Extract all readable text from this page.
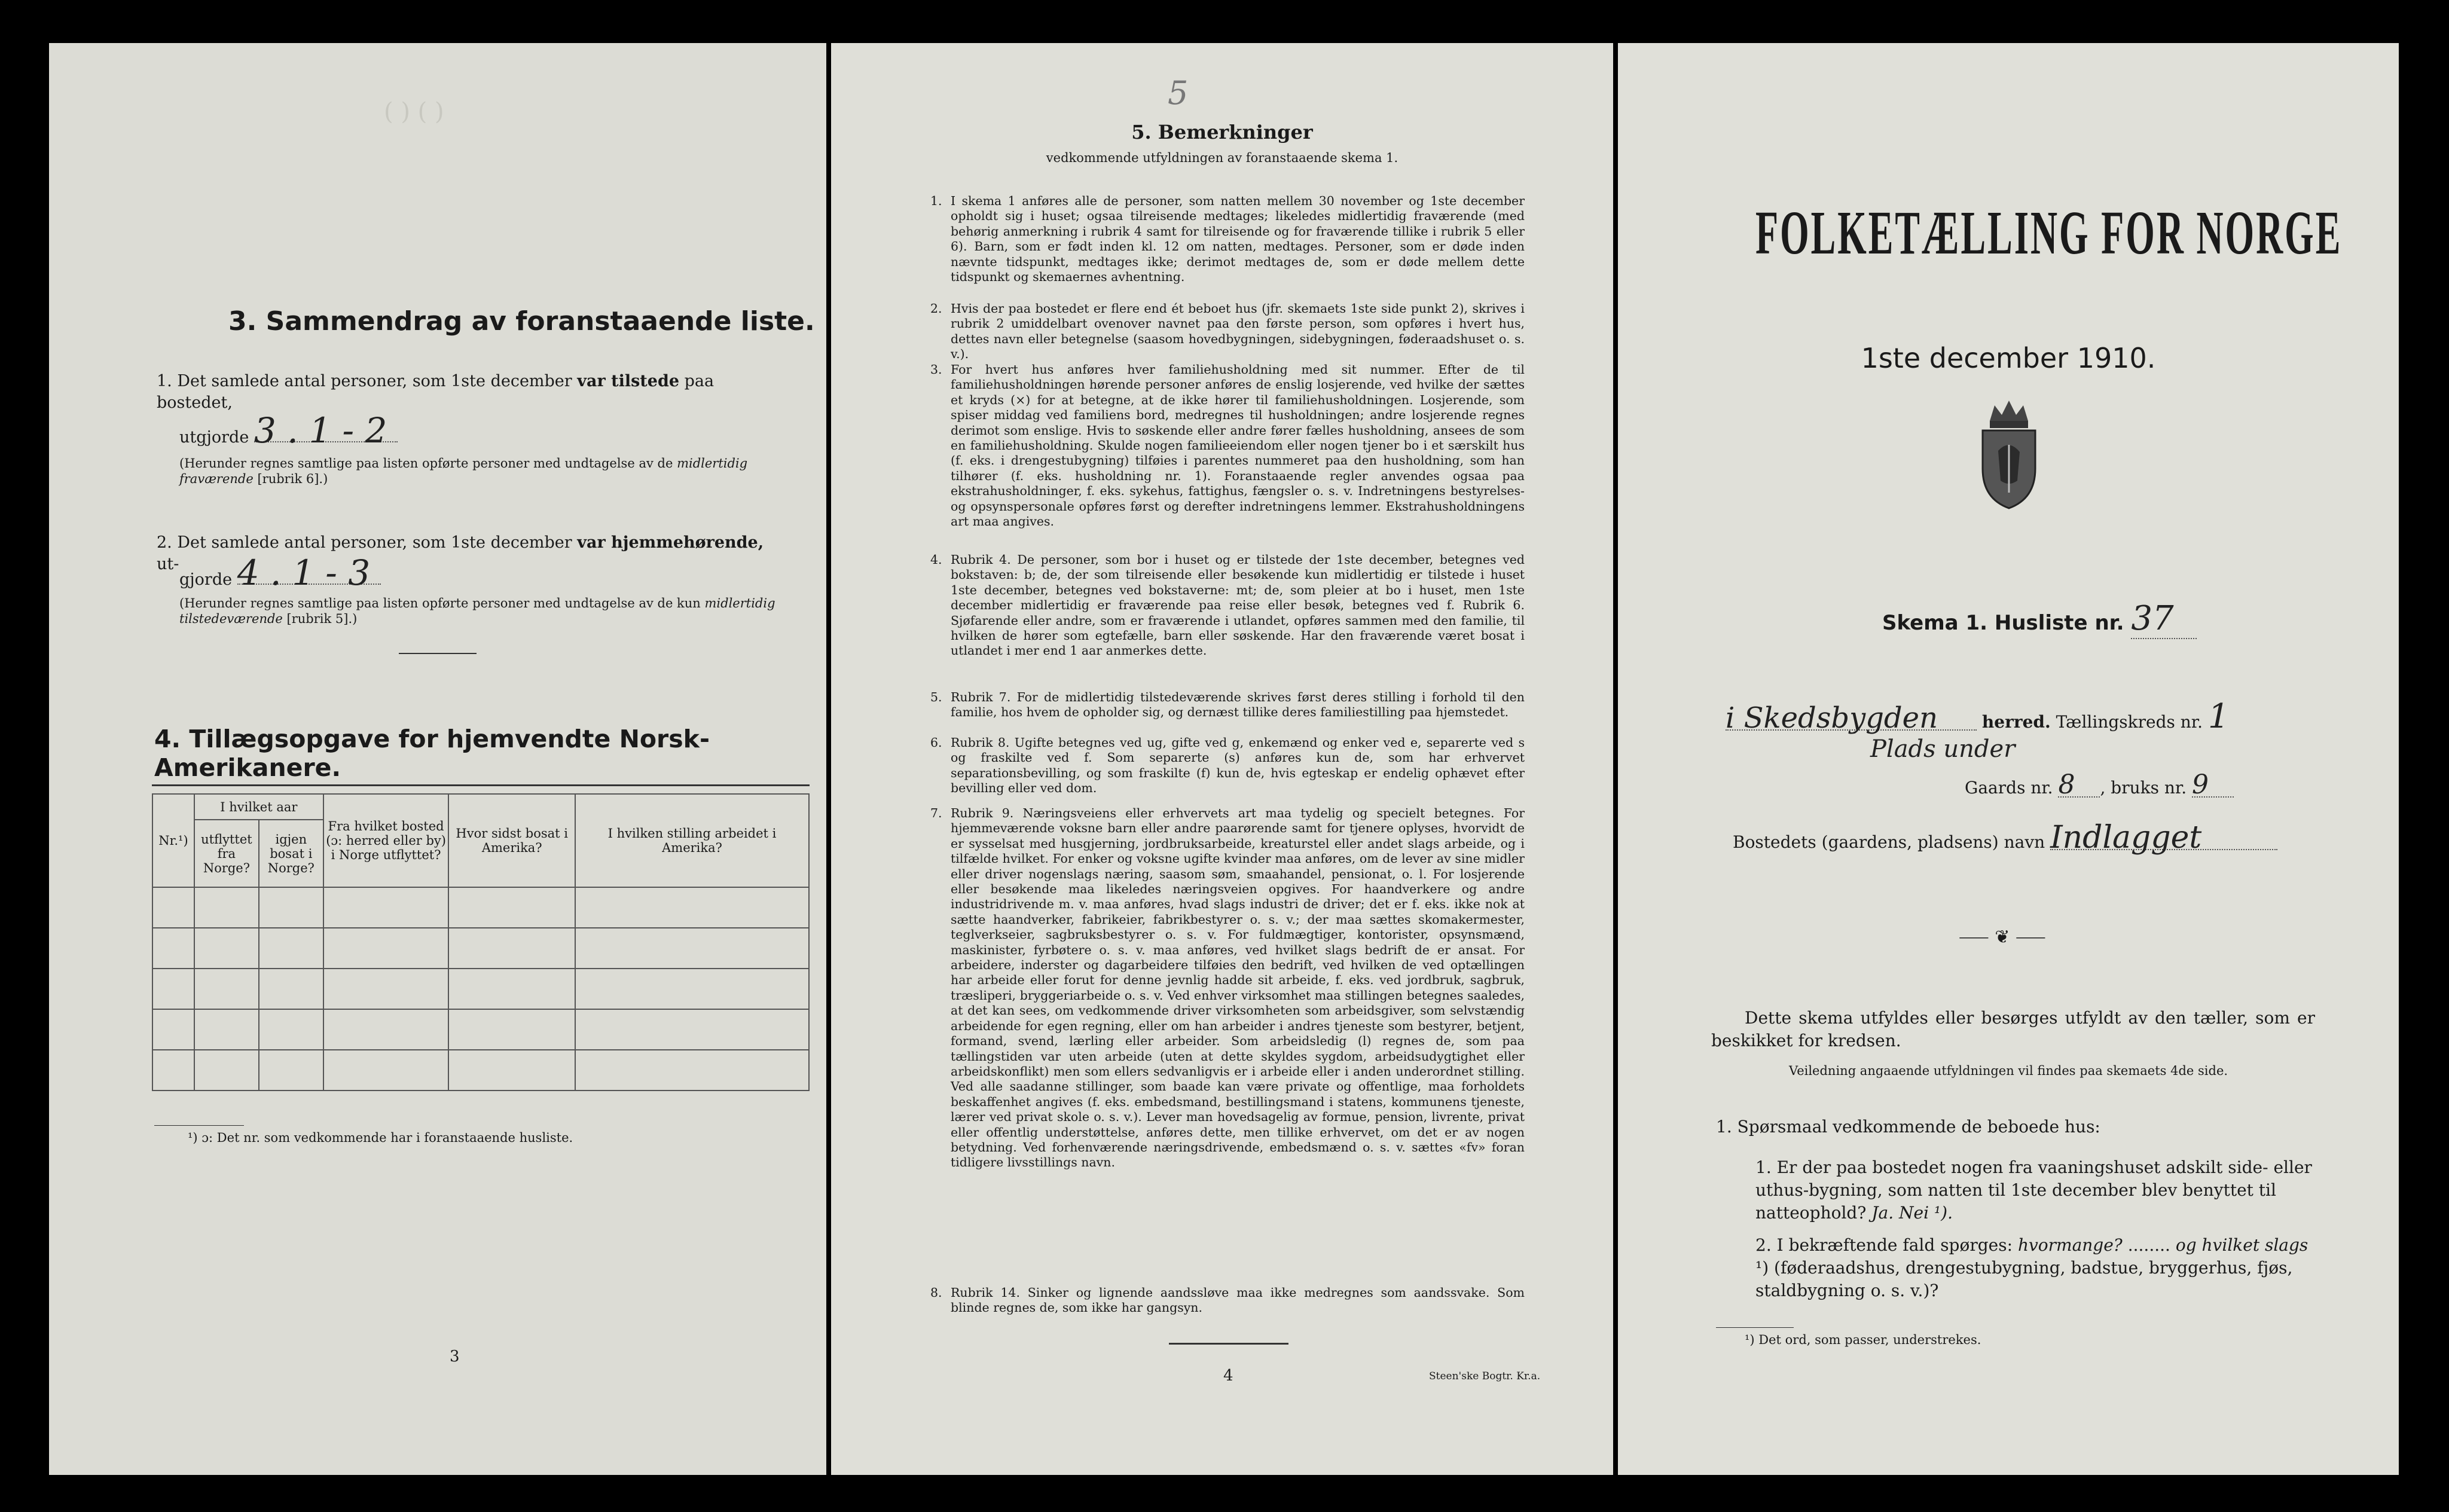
( ) ( )
3. Sammendrag av foranstaaende liste.
1. Det samlede antal personer, som 1ste december var tilstede paa bostedet,
utgjorde 3 . 1 - 2
(Herunder regnes samtlige paa listen opførte personer med undtagelse av de midlertidig fraværende [rubrik 6].)
2. Det samlede antal personer, som 1ste december var hjemmehørende, ut-
gjorde 4 . 1 - 3
(Herunder regnes samtlige paa listen opførte personer med undtagelse av de kun midlertidig tilstedeværende [rubrik 5].)
4. Tillægsopgave for hjemvendte Norsk-Amerikanere.
Nr.¹)	I hvilket aar		Fra hvilket bosted (ɔ: herred eller by) i Norge utflyttet?	Hvor sidst bosat i Amerika?	I hvilken stilling arbeidet i Amerika?
	utflyttet fra Norge?	igjen bosat i Norge?			

¹) ɔ: Det nr. som vedkommende har i foranstaaende husliste.
3
5
5. Bemerkninger
vedkommende utfyldningen av foranstaaende skema 1.
1. I skema 1 anføres alle de personer, som natten mellem 30 november og 1ste december opholdt sig i huset; ogsaa tilreisende medtages; likeledes midlertidig fraværende (med behørig anmerkning i rubrik 4 samt for tilreisende og for fraværende tillike i rubrik 5 eller 6). Barn, som er født inden kl. 12 om natten, medtages. Personer, som er døde inden nævnte tidspunkt, medtages ikke; derimot medtages de, som er døde mellem dette tidspunkt og skemaernes avhentning.
2. Hvis der paa bostedet er flere end ét beboet hus (jfr. skemaets 1ste side punkt 2), skrives i rubrik 2 umiddelbart ovenover navnet paa den første person, som opføres i hvert hus, dettes navn eller betegnelse (saasom hovedbygningen, sidebygningen, føderaadshuset o. s. v.).
3. For hvert hus anføres hver familiehusholdning med sit nummer. Efter de til familiehusholdningen hørende personer anføres de enslig losjerende, ved hvilke der sættes et kryds (×) for at betegne, at de ikke hører til familiehusholdningen. Losjerende, som spiser middag ved familiens bord, medregnes til husholdningen; andre losjerende regnes derimot som enslige. Hvis to søskende eller andre fører fælles husholdning, ansees de som en familiehusholdning. Skulde nogen familieeiendom eller nogen tjener bo i et særskilt hus (f. eks. i drengestubygning) tilføies i parentes nummeret paa den husholdning, som han tilhører (f. eks. husholdning nr. 1). Foranstaaende regler anvendes ogsaa paa ekstrahusholdninger, f. eks. sykehus, fattighus, fængsler o. s. v. Indretningens bestyrelses- og opsynspersonale opføres først og derefter indretningens lemmer. Ekstrahusholdningens art maa angives.
4. Rubrik 4. De personer, som bor i huset og er tilstede der 1ste december, betegnes ved bokstaven: b; de, der som tilreisende eller besøkende kun midlertidig er tilstede i huset 1ste december, betegnes ved bokstaverne: mt; de, som pleier at bo i huset, men 1ste december midlertidig er fraværende paa reise eller besøk, betegnes ved f. Rubrik 6. Sjøfarende eller andre, som er fraværende i utlandet, opføres sammen med den familie, til hvilken de hører som egtefælle, barn eller søskende. Har den fraværende været bosat i utlandet i mer end 1 aar anmerkes dette.
5. Rubrik 7. For de midlertidig tilstedeværende skrives først deres stilling i forhold til den familie, hos hvem de opholder sig, og dernæst tillike deres familiestilling paa hjemstedet.
6. Rubrik 8. Ugifte betegnes ved ug, gifte ved g, enkemænd og enker ved e, separerte ved s og fraskilte ved f. Som separerte (s) anføres kun de, som har erhvervet separationsbevilling, og som fraskilte (f) kun de, hvis egteskap er endelig ophævet efter bevilling eller ved dom.
7. Rubrik 9. Næringsveiens eller erhvervets art maa tydelig og specielt betegnes. For hjemmeværende voksne barn eller andre paarørende samt for tjenere oplyses, hvorvidt de er sysselsat med husgjerning, jordbruksarbeide, kreaturstel eller andet slags arbeide, og i tilfælde hvilket. For enker og voksne ugifte kvinder maa anføres, om de lever av sine midler eller driver nogenslags næring, saasom søm, smaahandel, pensionat, o. l. For losjerende eller besøkende maa likeledes næringsveien opgives. For haandverkere og andre industridrivende m. v. maa anføres, hvad slags industri de driver; det er f. eks. ikke nok at sætte haandverker, fabrikeier, fabrikbestyrer o. s. v.; der maa sættes skomakermester, teglverkseier, sagbruksbestyrer o. s. v. For fuldmægtiger, kontorister, opsynsmænd, maskinister, fyrbøtere o. s. v. maa anføres, ved hvilket slags bedrift de er ansat. For arbeidere, inderster og dagarbeidere tilføies den bedrift, ved hvilken de ved optællingen har arbeide eller forut for denne jevnlig hadde sit arbeide, f. eks. ved jordbruk, sagbruk, træsliperi, bryggeriarbeide o. s. v. Ved enhver virksomhet maa stillingen betegnes saaledes, at det kan sees, om vedkommende driver virksomheten som arbeidsgiver, som selvstændig arbeidende for egen regning, eller om han arbeider i andres tjeneste som bestyrer, betjent, formand, svend, lærling eller arbeider. Som arbeidsledig (l) regnes de, som paa tællingstiden var uten arbeide (uten at dette skyldes sygdom, arbeidsudygtighet eller arbeidskonflikt) men som ellers sedvanligvis er i arbeide eller i anden underordnet stilling. Ved alle saadanne stillinger, som baade kan være private og offentlige, maa forholdets beskaffenhet angives (f. eks. embedsmand, bestillingsmand i statens, kommunens tjeneste, lærer ved privat skole o. s. v.). Lever man hovedsagelig av formue, pension, livrente, privat eller offentlig understøttelse, anføres dette, men tillike erhvervet, om det er av nogen betydning. Ved forhenværende næringsdrivende, embedsmænd o. s. v. sættes «fv» foran tidligere livsstillings navn.
8. Rubrik 14. Sinker og lignende aandssløve maa ikke medregnes som aandssvake. Som blinde regnes de, som ikke har gangsyn.
4	Steen'ske Bogtr. Kr.a.
FOLKETÆLLING FOR NORGE
1ste december 1910.
Skema 1. Husliste nr. 37
i Skedsbygden	herred. Tællingskreds nr. 1
Plads under
Gaards nr. 8 , bruks nr. 9
Bostedets (gaardens, pladsens) navn Indlagget
⸺ ❦ ⸺
Dette skema utfyldes eller besørges utfyldt av den tæller, som er beskikket for kredsen.
Veiledning angaaende utfyldningen vil findes paa skemaets 4de side.
1. Spørsmaal vedkommende de beboede hus:
1. Er der paa bostedet nogen fra vaaningshuset adskilt side- eller uthus-bygning, som natten til 1ste december blev benyttet til natteophold? Ja. Nei ¹).
2. I bekræftende fald spørges: hvormange? ........ og hvilket slags ¹) (føderaadshus, drengestubygning, badstue, bryggerhus, fjøs, staldbygning o. s. v.)?
¹) Det ord, som passer, understrekes.
